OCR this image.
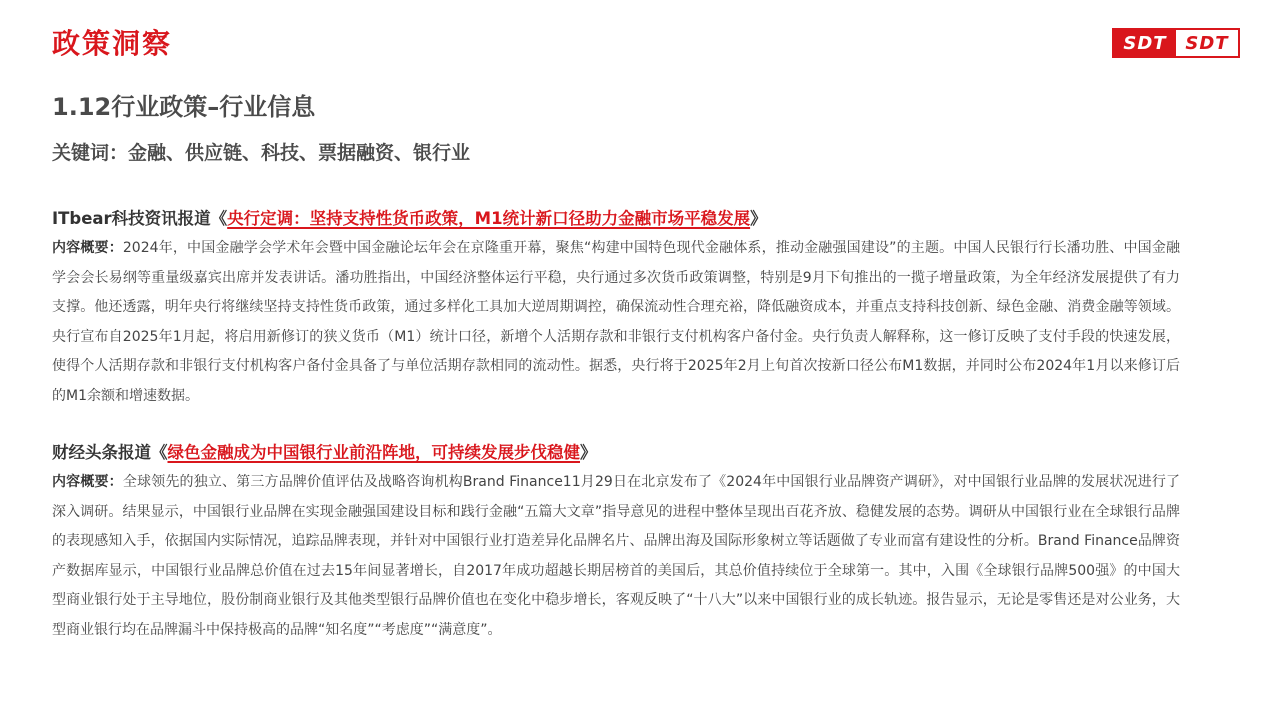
政策洞察	SDT	SDT
1.12行业政策–行业信息

关键词：金融、供应链、科技、票据融资、银行业

ITbear科技资讯报道《央行定调：坚持支持性货币政策，M1统计新口径助力金融市场平稳发展》

内容概要：2024年，中国金融学会学术年会暨中国金融论坛年会在京隆重开幕，聚焦“构建中国特色现代金融体系，推动金融强国建设”的主题。中国人民银行行长潘功胜、中国金融学会会长易纲等重量级嘉宾出席并发表讲话。潘功胜指出，中国经济整体运行平稳，央行通过多次货币政策调整，特别是9月下旬推出的一揽子增量政策，为全年经济发展提供了有力支撑。他还透露，明年央行将继续坚持支持性货币政策，通过多样化工具加大逆周期调控，确保流动性合理充裕，降低融资成本，并重点支持科技创新、绿色金融、消费金融等领域。 央行宣布自2025年1月起，将启用新修订的狭义货币（M1）统计口径，新增个人活期存款和非银行支付机构客户备付金。央行负责人解释称，这一修订反映了支付手段的快速发展，使得个人活期存款和非银行支付机构客户备付金具备了与单位活期存款相同的流动性。据悉，央行将于2025年2月上旬首次按新口径公布M1数据，并同时公布2024年1月以来修订后的M1余额和增速数据。

财经头条报道《绿色金融成为中国银行业前沿阵地，可持续发展步伐稳健》

内容概要：全球领先的独立、第三方品牌价值评估及战略咨询机构Brand Finance11月29日在北京发布了《2024年中国银行业品牌资产调研》，对中国银行业品牌的发展状况进行了深入调研。结果显示，中国银行业品牌在实现金融强国建设目标和践行金融“五篇大文章”指导意见的进程中整体呈现出百花齐放、稳健发展的态势。调研从中国银行业在全球银行品牌的表现感知入手，依据国内实际情况，追踪品牌表现，并针对中国银行业打造差异化品牌名片、品牌出海及国际形象树立等话题做了专业而富有建设性的分析。Brand Finance品牌资产数据库显示，中国银行业品牌总价值在过去15年间显著增长，自2017年成功超越长期居榜首的美国后，其总价值持续位于全球第一。其中，入围《全球银行品牌500强》的中国大型商业银行处于主导地位，股份制商业银行及其他类型银行品牌价值也在变化中稳步增长，客观反映了“十八大”以来中国银行业的成长轨迹。报告显示，无论是零售还是对公业务，大型商业银行均在品牌漏斗中保持极高的品牌“知名度”“考虑度”“满意度”。
